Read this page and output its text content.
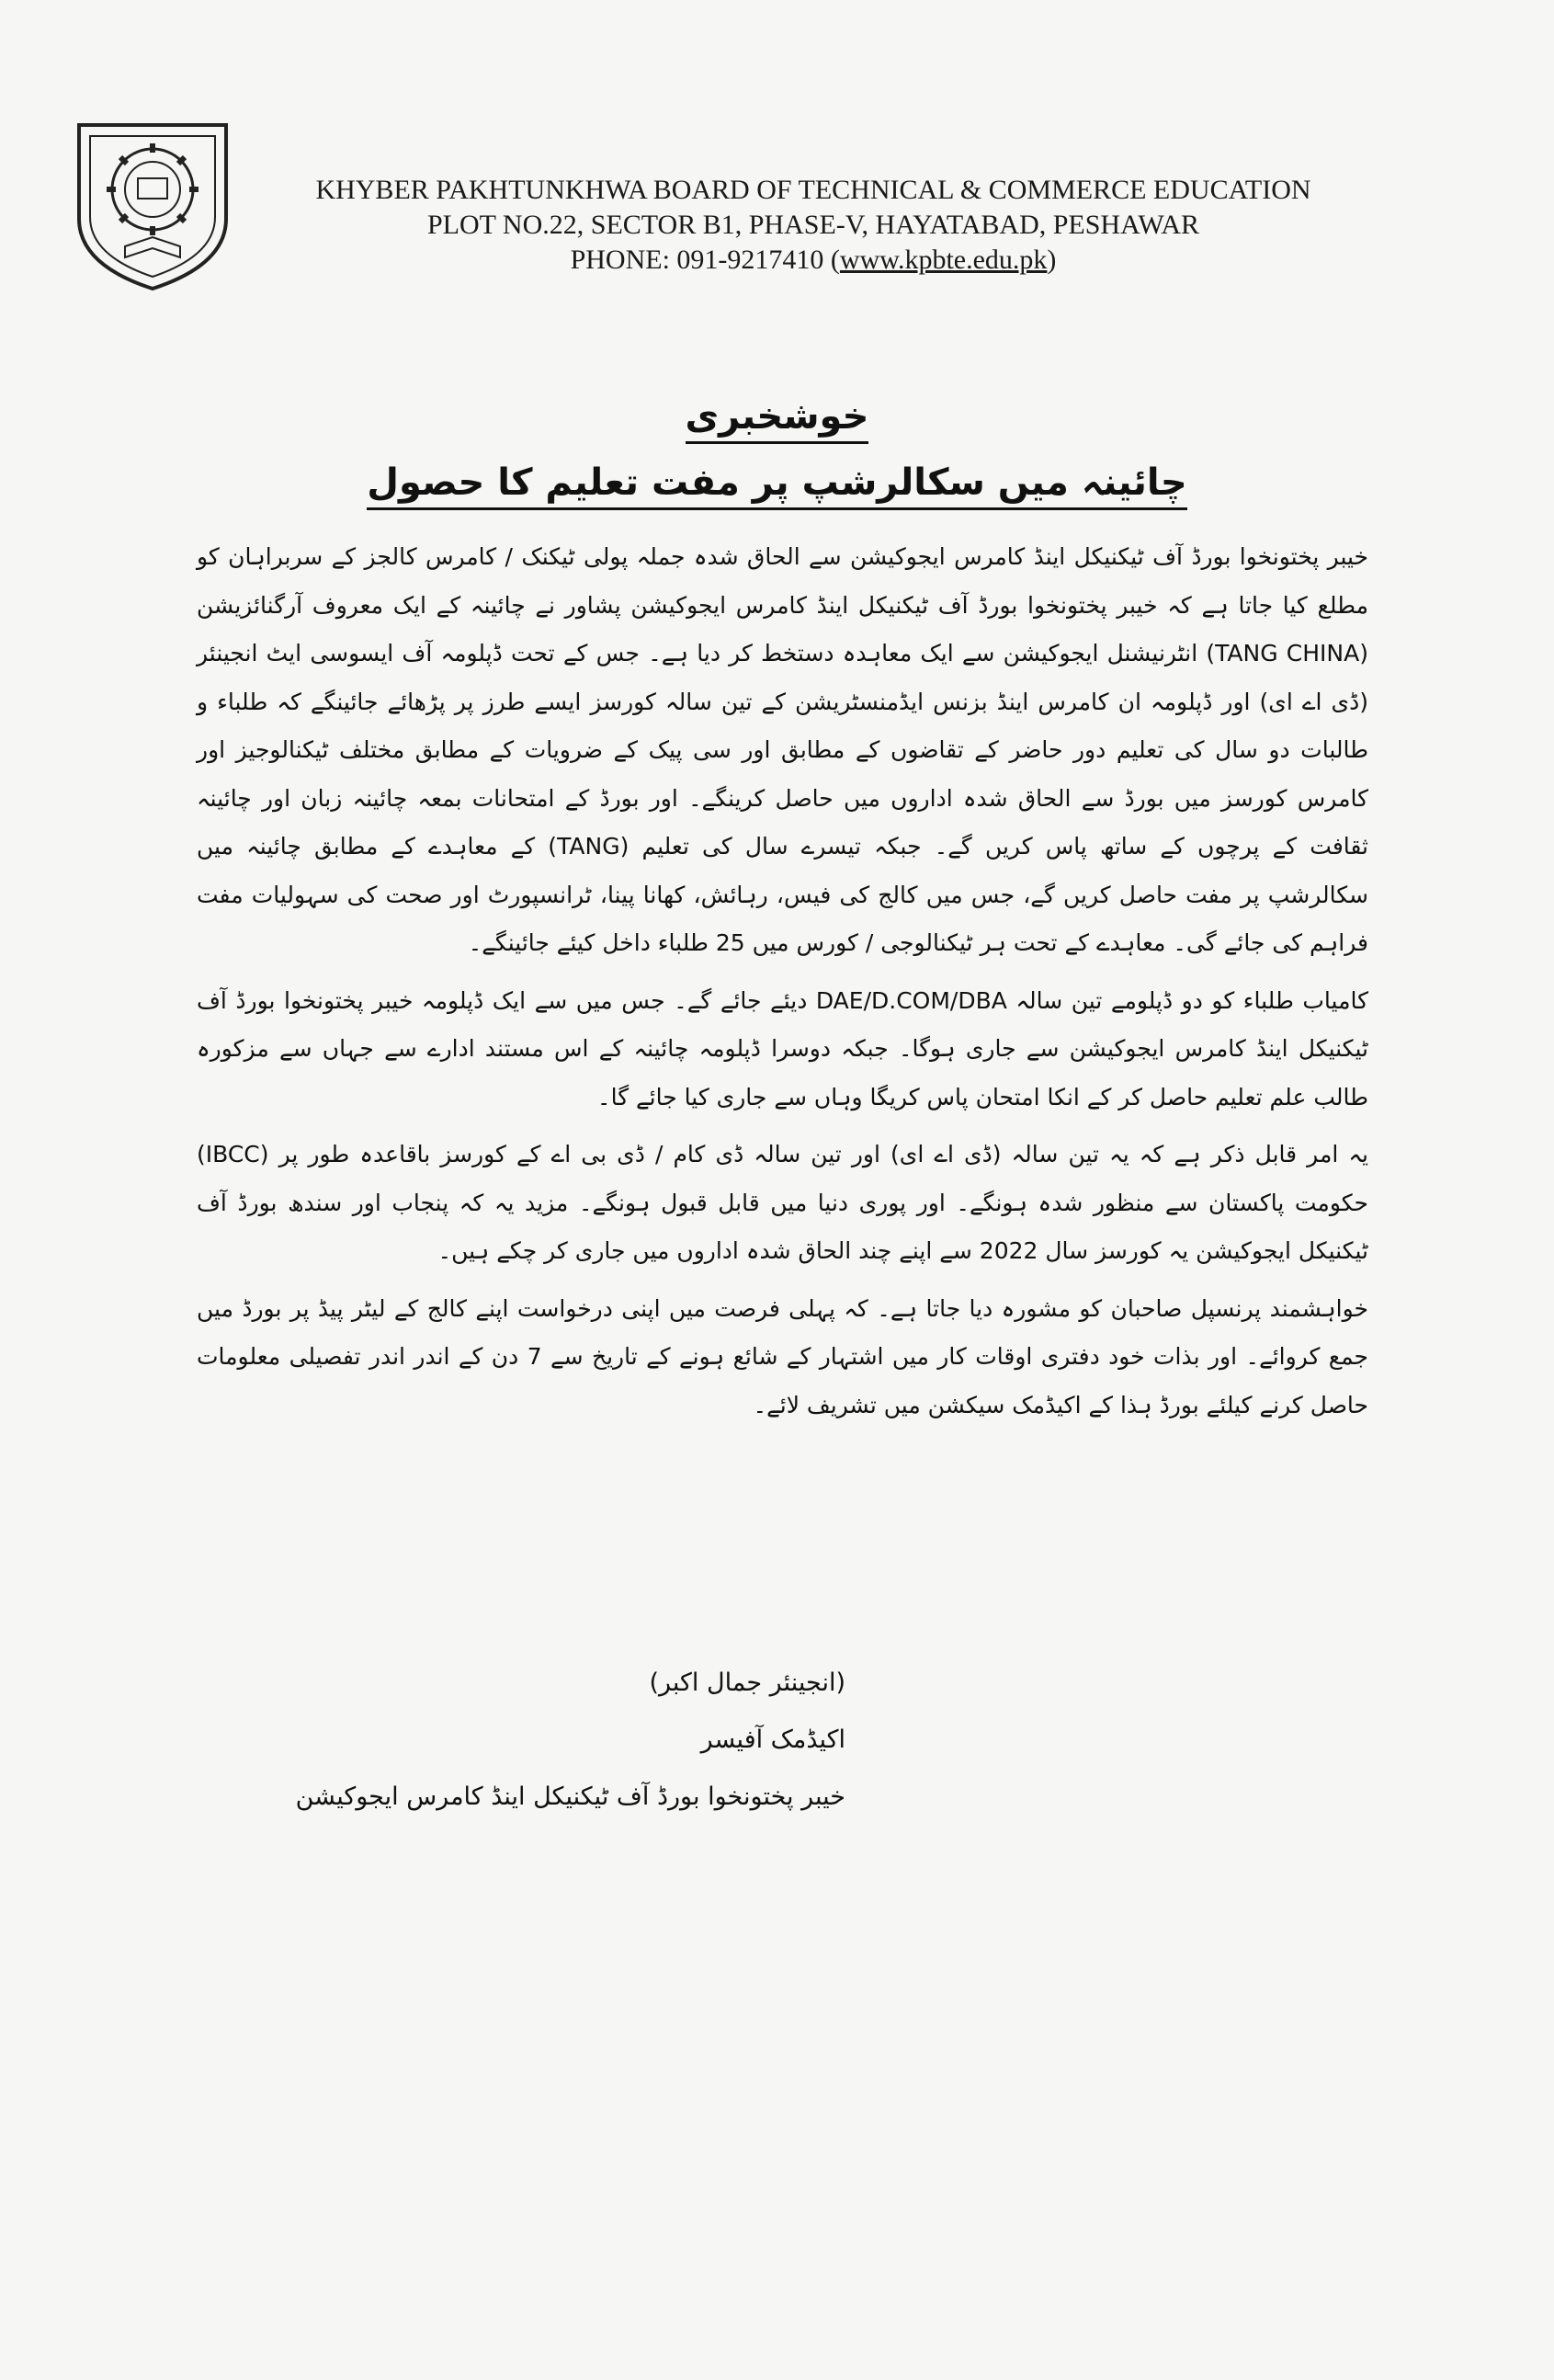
KHYBER PAKHTUNKHWA BOARD OF TECHNICAL & COMMERCE EDUCATION
PLOT NO.22, SECTOR B1, PHASE-V, HAYATABAD, PESHAWAR
PHONE: 091-9217410 (www.kpbte.edu.pk)
خوشخبری
چائینہ میں سکالرشپ پر مفت تعلیم کا حصول

خیبر پختونخوا بورڈ آف ٹیکنیکل اینڈ کامرس ایجوکیشن سے الحاق شدہ جملہ پولی ٹیکنک / کامرس کالجز کے سربراہان کو مطلع کیا جاتا ہے کہ خیبر پختونخوا بورڈ آف ٹیکنیکل اینڈ کامرس ایجوکیشن پشاور نے چائینہ کے ایک معروف آرگنائزیشن (TANG CHINA) انٹرنیشنل ایجوکیشن سے ایک معاہدہ دستخط کر دیا ہے۔ جس کے تحت ڈپلومہ آف ایسوسی ایٹ انجینئر (ڈی اے ای) اور ڈپلومہ ان کامرس اینڈ بزنس ایڈمنسٹریشن کے تین سالہ کورسز ایسے طرز پر پڑھائے جائینگے کہ طلباء و طالبات دو سال کی تعلیم دور حاضر کے تقاضوں کے مطابق اور سی پیک کے ضرویات کے مطابق مختلف ٹیکنالوجیز اور کامرس کورسز میں بورڈ سے الحاق شدہ اداروں میں حاصل کرینگے۔ اور بورڈ کے امتحانات بمعہ چائینہ زبان اور چائینہ ثقافت کے پرچوں کے ساتھ پاس کریں گے۔ جبکہ تیسرے سال کی تعلیم (TANG) کے معاہدے کے مطابق چائینہ میں سکالرشپ پر مفت حاصل کریں گے، جس میں کالج کی فیس، رہائش، کھانا پینا، ٹرانسپورٹ اور صحت کی سہولیات مفت فراہم کی جائے گی۔ معاہدے کے تحت ہر ٹیکنالوجی / کورس میں 25 طلباء داخل کیئے جائینگے۔

کامیاب طلباء کو دو ڈپلومے تین سالہ DAE/D.COM/DBA دیئے جائے گے۔ جس میں سے ایک ڈپلومہ خیبر پختونخوا بورڈ آف ٹیکنیکل اینڈ کامرس ایجوکیشن سے جاری ہوگا۔ جبکہ دوسرا ڈپلومہ چائینہ کے اس مستند ادارے سے جہاں سے مزکورہ طالب علم تعلیم حاصل کر کے انکا امتحان پاس کریگا وہاں سے جاری کیا جائے گا۔

یہ امر قابل ذکر ہے کہ یہ تین سالہ (ڈی اے ای) اور تین سالہ ڈی کام / ڈی بی اے کے کورسز باقاعدہ طور پر (IBCC) حکومت پاکستان سے منظور شدہ ہونگے۔ اور پوری دنیا میں قابل قبول ہونگے۔ مزید یہ کہ پنجاب اور سندھ بورڈ آف ٹیکنیکل ایجوکیشن یہ کورسز سال 2022 سے اپنے چند الحاق شدہ اداروں میں جاری کر چکے ہیں۔

خواہشمند پرنسپل صاحبان کو مشورہ دیا جاتا ہے۔ کہ پہلی فرصت میں اپنی درخواست اپنے کالج کے لیٹر پیڈ پر بورڈ میں جمع کروائے۔ اور بذات خود دفتری اوقات کار میں اشتہار کے شائع ہونے کے تاریخ سے 7 دن کے اندر اندر تفصیلی معلومات حاصل کرنے کیلئے بورڈ ہذا کے اکیڈمک سیکشن میں تشریف لائے۔

(انجینئر جمال اکبر)
اکیڈمک آفیسر
خیبر پختونخوا بورڈ آف ٹیکنیکل اینڈ کامرس ایجوکیشن
